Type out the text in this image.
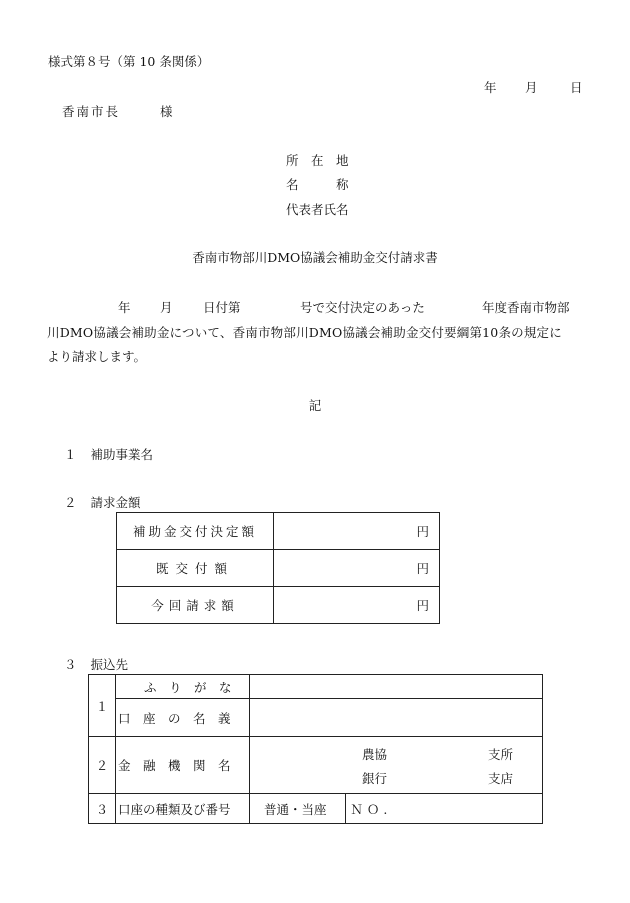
様式第８号（第 10 条関係）
年 月	日
香南市長	様
所　在　地
名　　　称
代表者氏名
香南市物部川DMO協議会補助金交付請求書
年 月 日付第	号で交付決定のあった	年度香南市物部
川DMO協議会補助金について、香南市物部川DMO協議会補助金交付要綱第10条の規定に
より請求します。
記
１ 補助事業名
２ 請求金額
補助金交付決定額	円
既交付額	円
今回請求額	円
３ 振込先
１	ふ　り　が　な		
	口　座　の　名　義		
２	金　融　機　関　名	農協 支所
銀行 支店	

３	口座の種類及び番号	普通・当座	ＮＯ.
